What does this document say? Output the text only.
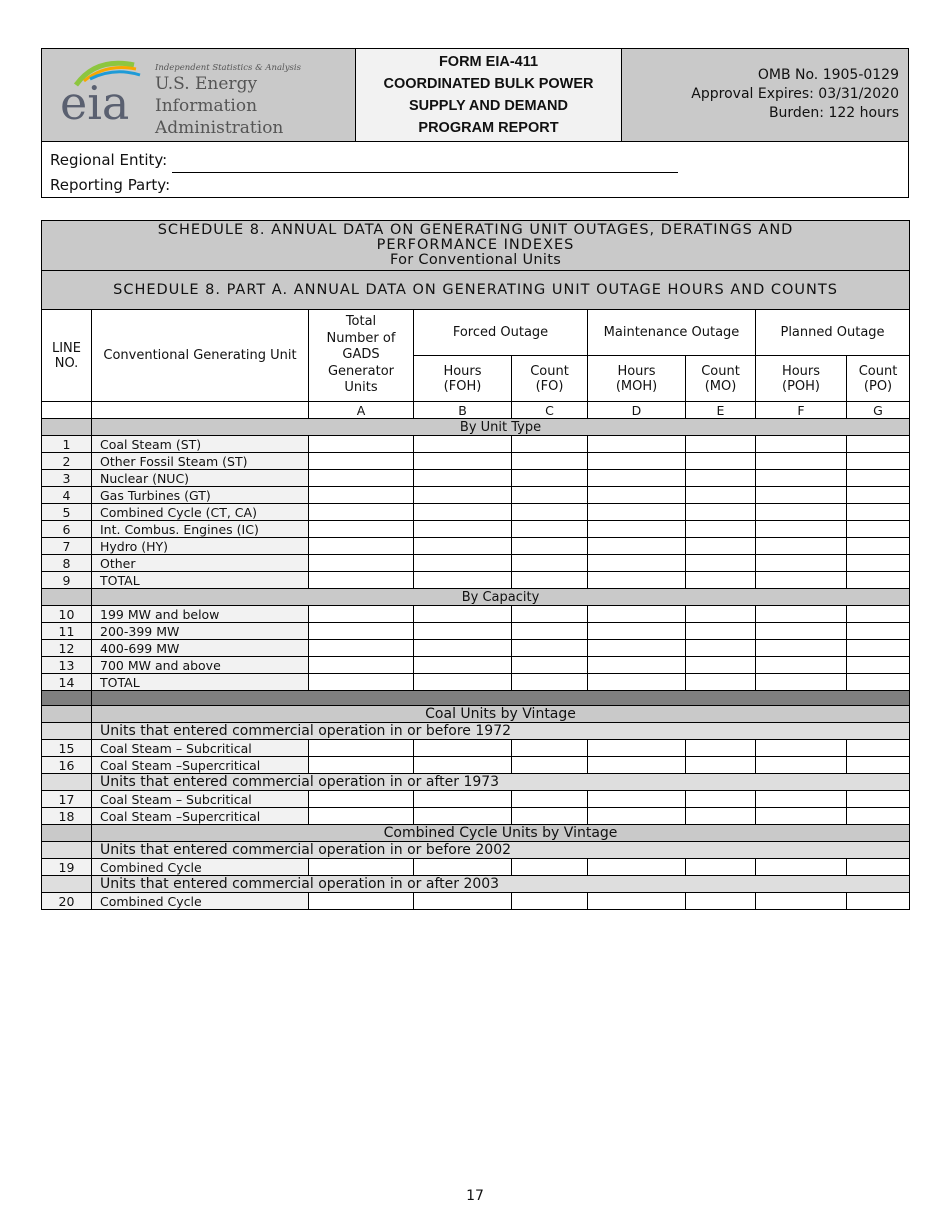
eia
Independent Statistics & Analysis
U.S. Energy Information
Administration
FORM EIA-411
COORDINATED BULK POWER
SUPPLY AND DEMAND
PROGRAM REPORT
OMB No. 1905-0129
Approval Expires: 03/31/2020
Burden: 122 hours
Regional Entity:
Reporting Party:
SCHEDULE 8. ANNUAL DATA ON GENERATING UNIT OUTAGES, DERATINGS AND
PERFORMANCE INDEXES
For Conventional Units								

SCHEDULE 8. PART A. ANNUAL DATA ON GENERATING UNIT OUTAGE HOURS AND COUNTS								
LINE NO.	Conventional Generating Unit	Total Number of GADS Generator Units	Forced Outage		Maintenance Outage		Planned Outage	
			Hours (FOH)	Count (FO)	Hours (MOH)	Count (MO)	Hours (POH)	Count (PO)
		A	B	C	D	E	F	G
	By Unit Type							
1	Coal Steam (ST)							
2	Other Fossil Steam (ST)							
3	Nuclear (NUC)							
4	Gas Turbines (GT)							
5	Combined Cycle (CT, CA)							
6	Int. Combus. Engines (IC)							
7	Hydro (HY)							
8	Other							
9	TOTAL							
	By Capacity							
10	199 MW and below							
11	200-399 MW							
12	400-699 MW							
13	700 MW and above							
14	TOTAL							

	Coal Units by Vintage							
	Units that entered commercial operation in or before 1972							
15	Coal Steam – Subcritical							
16	Coal Steam –Supercritical							
	Units that entered commercial operation in or after 1973							
17	Coal Steam – Subcritical							
18	Coal Steam –Supercritical							
	Combined Cycle Units by Vintage							
	Units that entered commercial operation in or before 2002							
19	Combined Cycle							
	Units that entered commercial operation in or after 2003							
20	Combined Cycle							
17
